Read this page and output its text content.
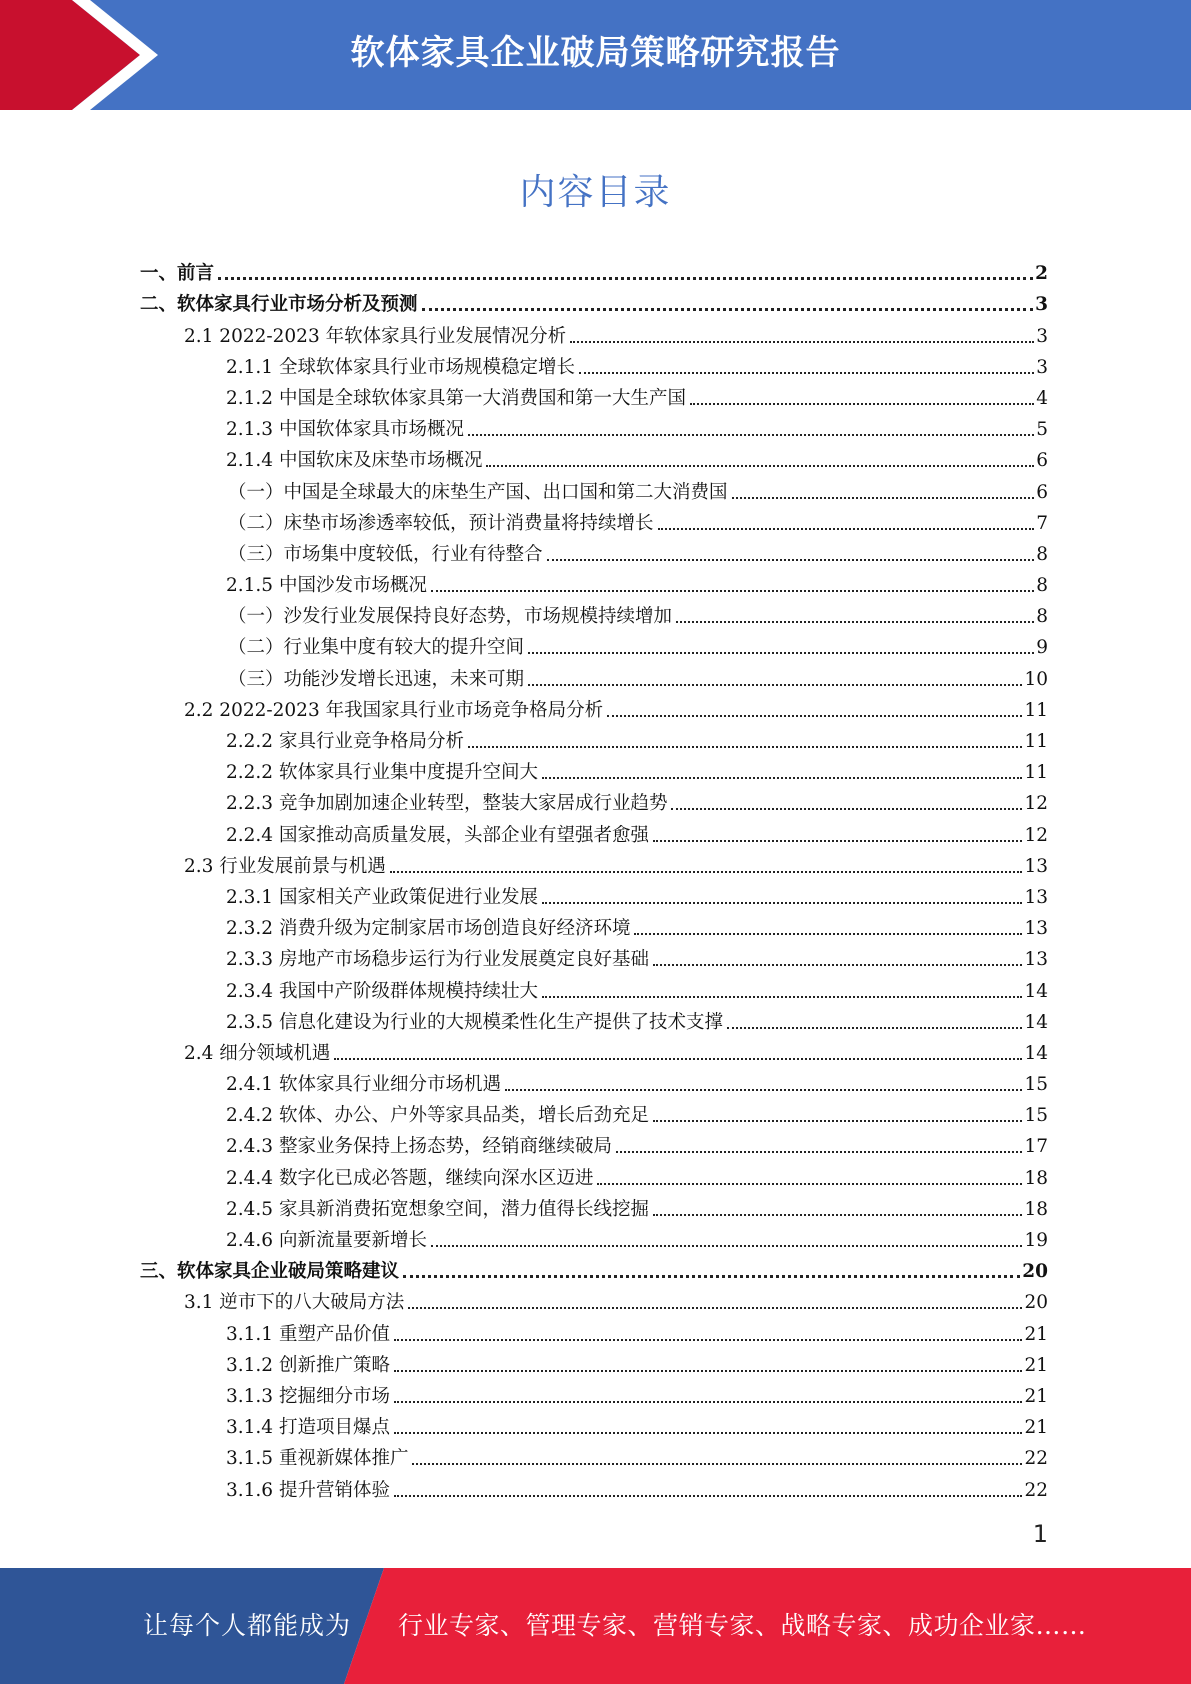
软体家具企业破局策略研究报告
内容目录
一、前言	2
二、软体家具行业市场分析及预测	3
2.1 2022-2023 年软体家具行业发展情况分析	3
2.1.1 全球软体家具行业市场规模稳定增长	3
2.1.2 中国是全球软体家具第一大消费国和第一大生产国	4
2.1.3 中国软体家具市场概况	5
2.1.4 中国软床及床垫市场概况	6
（一）中国是全球最大的床垫生产国、出口国和第二大消费国	6
（二）床垫市场渗透率较低，预计消费量将持续增长	7
（三）市场集中度较低，行业有待整合	8
2.1.5 中国沙发市场概况	8
（一）沙发行业发展保持良好态势，市场规模持续增加	8
（二）行业集中度有较大的提升空间	9
（三）功能沙发增长迅速，未来可期	10
2.2 2022-2023 年我国家具行业市场竞争格局分析	11
2.2.2 家具行业竞争格局分析	11
2.2.2 软体家具行业集中度提升空间大	11
2.2.3 竞争加剧加速企业转型，整装大家居成行业趋势	12
2.2.4 国家推动高质量发展，头部企业有望强者愈强	12
2.3 行业发展前景与机遇	13
2.3.1 国家相关产业政策促进行业发展	13
2.3.2 消费升级为定制家居市场创造良好经济环境	13
2.3.3 房地产市场稳步运行为行业发展奠定良好基础	13
2.3.4 我国中产阶级群体规模持续壮大	14
2.3.5 信息化建设为行业的大规模柔性化生产提供了技术支撑	14
2.4 细分领域机遇	14
2.4.1 软体家具行业细分市场机遇	15
2.4.2 软体、办公、户外等家具品类，增长后劲充足	15
2.4.3 整家业务保持上扬态势，经销商继续破局	17
2.4.4 数字化已成必答题，继续向深水区迈进	18
2.4.5 家具新消费拓宽想象空间，潜力值得长线挖掘	18
2.4.6 向新流量要新增长	19
三、软体家具企业破局策略建议	20
3.1 逆市下的八大破局方法	20
3.1.1 重塑产品价值	21
3.1.2 创新推广策略	21
3.1.3 挖掘细分市场	21
3.1.4 打造项目爆点	21
3.1.5 重视新媒体推广	22
3.1.6 提升营销体验	22
1
让每个人都能成为 行业专家、管理专家、营销专家、战略专家、成功企业家……
